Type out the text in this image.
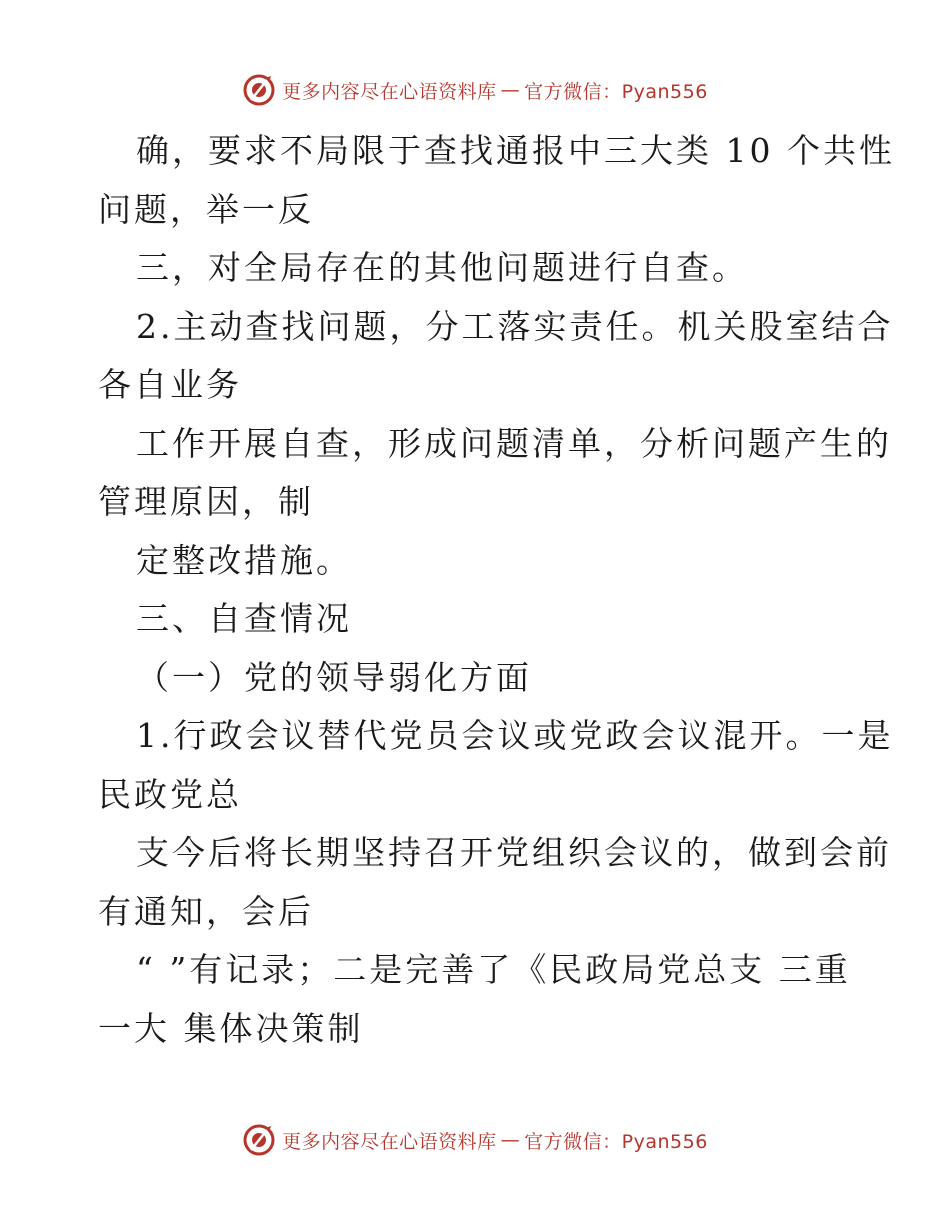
更多内容尽在心语资料库 — 官方微信：Pyan556
确，要求不局限于查找通报中三大类 10 个共性
问题，举一反
三，对全局存在的其他问题进行自查。
2.主动查找问题，分工落实责任。机关股室结合
各自业务
工作开展自查，形成问题清单，分析问题产生的
管理原因，制
定整改措施。
三、自查情况
（一）党的领导弱化方面
1.行政会议替代党员会议或党政会议混开。一是
民政党总
支今后将长期坚持召开党组织会议的，做到会前
有通知，会后
“ ”有记录；二是完善了《民政局党总支 三重
一大 集体决策制
更多内容尽在心语资料库 — 官方微信：Pyan556
